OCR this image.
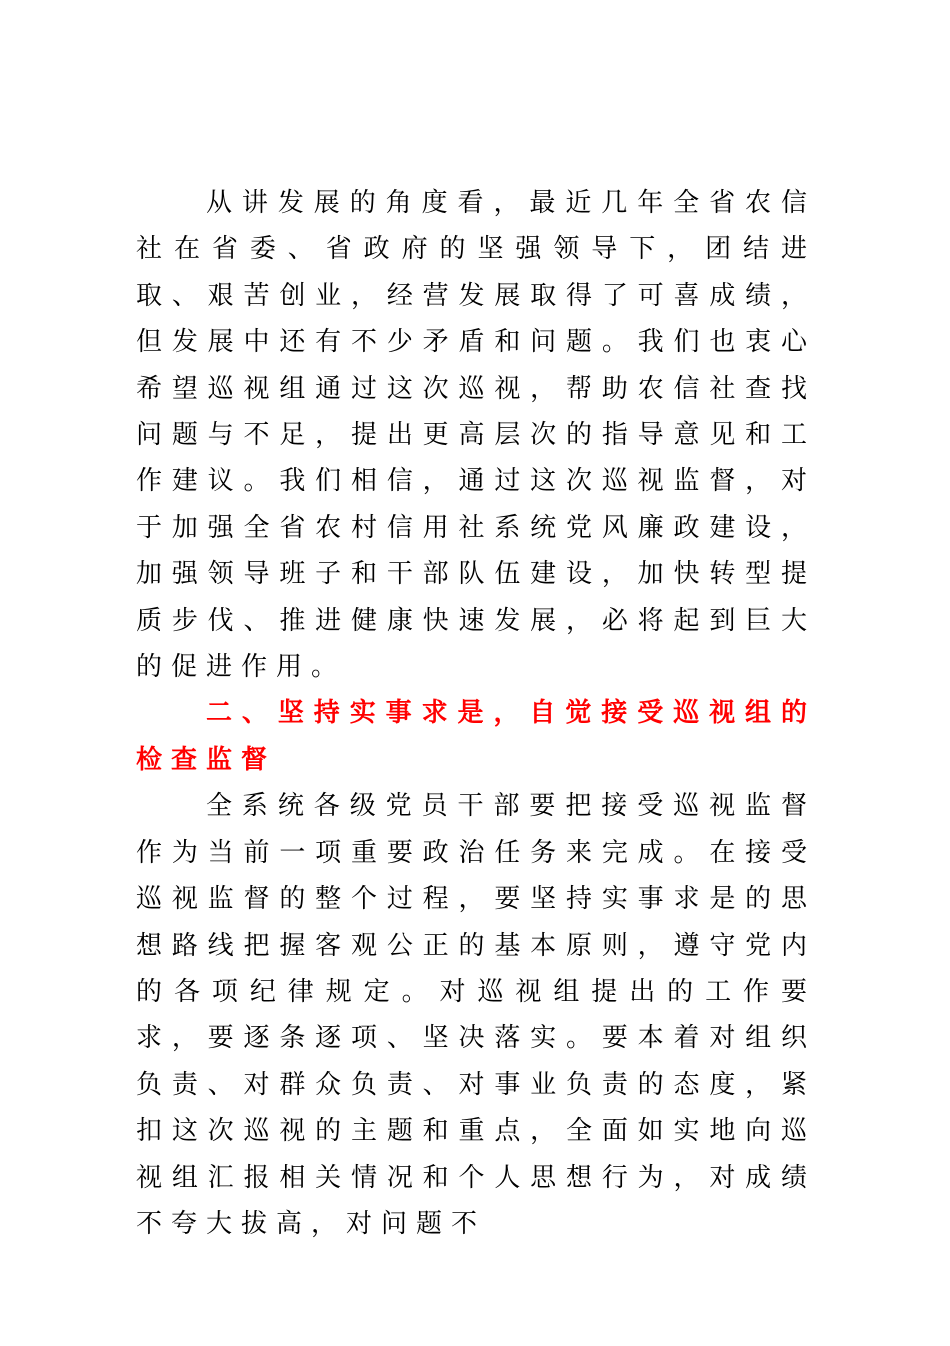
从讲发展的角度看，最近几年全省农信社在省委、省政府的坚强领导下，团结进取、艰苦创业，经营发展取得了可喜成绩，但发展中还有不少矛盾和问题。我们也衷心希望巡视组通过这次巡视，帮助农信社查找问题与不足，提出更高层次的指导意见和工作建议。我们相信，通过这次巡视监督，对于加强全省农村信用社系统党风廉政建设，加强领导班子和干部队伍建设，加快转型提质步伐、推进健康快速发展，必将起到巨大的促进作用。

二、坚持实事求是，自觉接受巡视组的检查监督

全系统各级党员干部要把接受巡视监督作为当前一项重要政治任务来完成。在接受巡视监督的整个过程，要坚持实事求是的思想路线把握客观公正的基本原则，遵守党内的各项纪律规定。对巡视组提出的工作要求，要逐条逐项、坚决落实。要本着对组织负责、对群众负责、对事业负责的态度，紧扣这次巡视的主题和重点，全面如实地向巡视组汇报相关情况和个人思想行为，对成绩不夸大拔高，对问题不
